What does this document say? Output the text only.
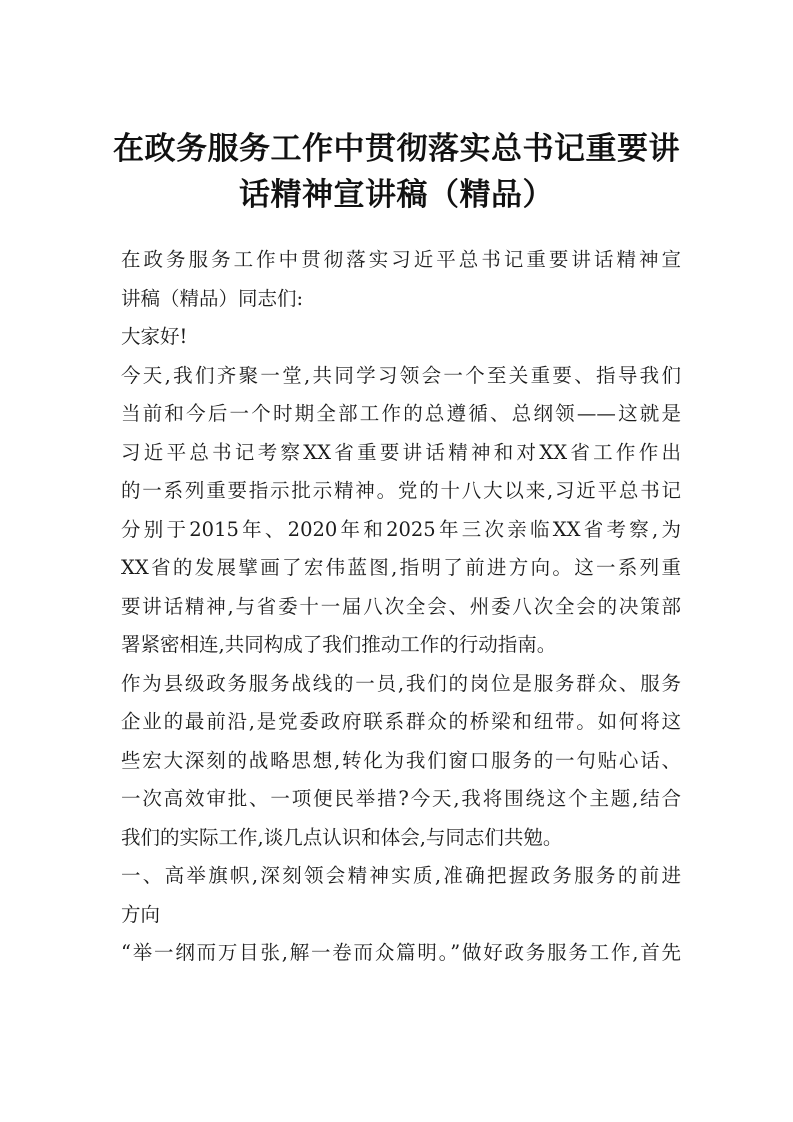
在政务服务工作中贯彻落实总书记重要讲
话精神宣讲稿（精品）
在政务服务工作中贯彻落实习近平总书记重要讲话精神宣
讲稿（精品）同志们:
大家好!
今天,我们齐聚一堂,共同学习领会一个至关重要、指导我们
当前和今后一个时期全部工作的总遵循、总纲领——这就是
习近平总书记考察XX省重要讲话精神和对XX省工作作出
的一系列重要指示批示精神。党的十八大以来,习近平总书记
分别于2015年、2020年和2025年三次亲临XX省考察,为
XX省的发展擘画了宏伟蓝图,指明了前进方向。这一系列重
要讲话精神,与省委十一届八次全会、州委八次全会的决策部
署紧密相连,共同构成了我们推动工作的行动指南。
作为县级政务服务战线的一员,我们的岗位是服务群众、服务
企业的最前沿,是党委政府联系群众的桥梁和纽带。如何将这
些宏大深刻的战略思想,转化为我们窗口服务的一句贴心话、
一次高效审批、一项便民举措?今天,我将围绕这个主题,结合
我们的实际工作,谈几点认识和体会,与同志们共勉。
一、高举旗帜,深刻领会精神实质,准确把握政务服务的前进
方向
“举一纲而万目张,解一卷而众篇明。”做好政务服务工作,首先
